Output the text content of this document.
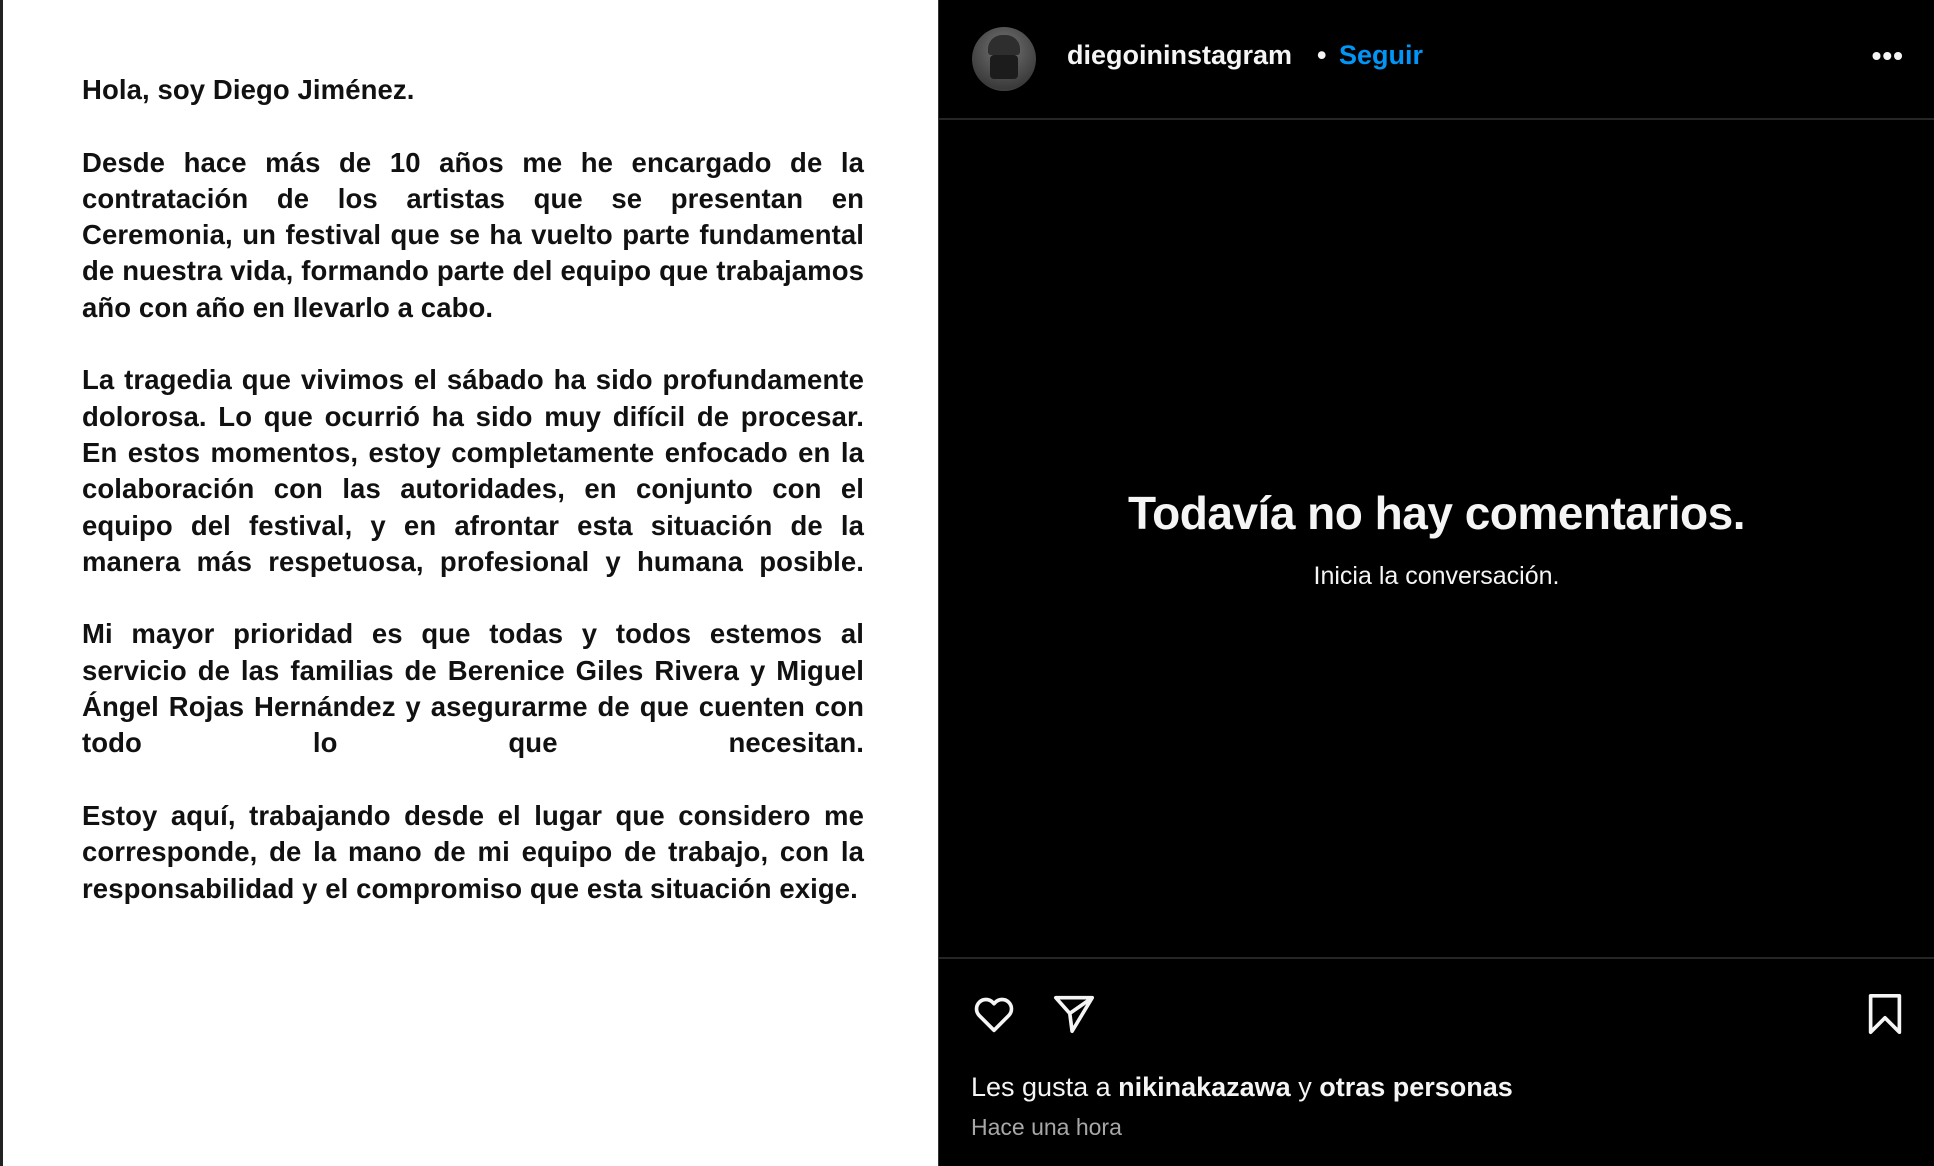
Hola, soy Diego Jiménez.

Desde hace más de 10 años me he encargado de la contratación de los artistas que se presentan en Ceremonia, un festival que se ha vuelto parte fundamental de nuestra vida, formando parte del equipo que trabajamos año con año en llevarlo a cabo.

La tragedia que vivimos el sábado ha sido profundamente dolorosa. Lo que ocurrió ha sido muy difícil de procesar. En estos momentos, estoy completamente enfocado en la colaboración con las autoridades, en conjunto con el equipo del festival, y en afrontar esta situación de la manera más respetuosa, profesional y humana posible.

Mi mayor prioridad es que todas y todos estemos al servicio de las familias de Berenice Giles Rivera y Miguel Ángel Rojas Hernández y asegurarme de que cuenten con todo lo que necesitan.

Estoy aquí, trabajando desde el lugar que considero me corresponde, de la mano de mi equipo de trabajo, con la responsabilidad y el compromiso que esta situación exige.

diegoininstagram • Seguir	•••
Todavía no hay comentarios.
Inicia la conversación.
Les gusta a nikinakazawa y otras personas
Hace una hora
